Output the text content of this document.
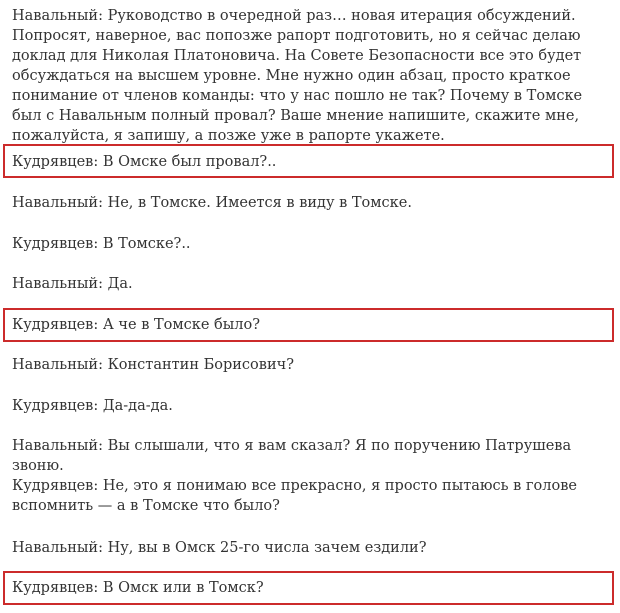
Навальный: Руководство в очередной раз… новая итерация обсуждений. Попросят, наверное, вас попозже рапорт подготовить, но я сейчас делаю доклад для Николая Платоновича. На Совете Безопасности все это будет обсуждаться на высшем уровне. Мне нужно один абзац, просто краткое понимание от членов команды: что у нас пошло не так? Почему в Томске был с Навальным полный провал? Ваше мнение напишите, скажите мне, пожалуйста, я запишу, а позже уже в рапорте укажете.

Кудрявцев: В Омске был провал?..

Навальный: Не, в Томске. Имеется в виду в Томске.

Кудрявцев: В Томске?..

Навальный: Да.

Кудрявцев: А че в Томске было?

Навальный: Константин Борисович?

Кудрявцев: Да-да-да.

Навальный: Вы слышали, что я вам сказал? Я по поручению Патрушева звоню.

Кудрявцев: Не, это я понимаю все прекрасно, я просто пытаюсь в голове вспомнить — а в Томске что было?

Навальный: Ну, вы в Омск 25-го числа зачем ездили?

Кудрявцев: В Омск или в Томск?
